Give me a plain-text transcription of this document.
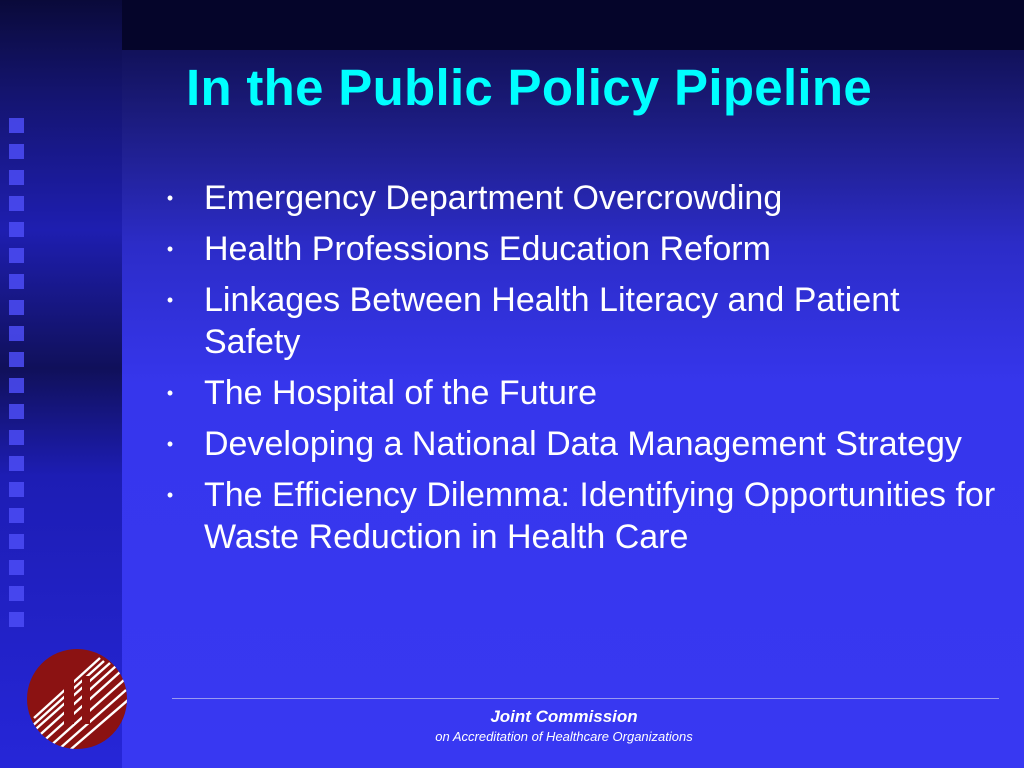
In the Public Policy Pipeline
• Emergency Department Overcrowding
• Health Professions Education Reform
• Linkages Between Health Literacy and Patient Safety
• The Hospital of the Future
• Developing a National Data Management Strategy
• The Efficiency Dilemma: Identifying Opportunities for Waste Reduction in Health Care
Joint Commission
on Accreditation of Healthcare Organizations
